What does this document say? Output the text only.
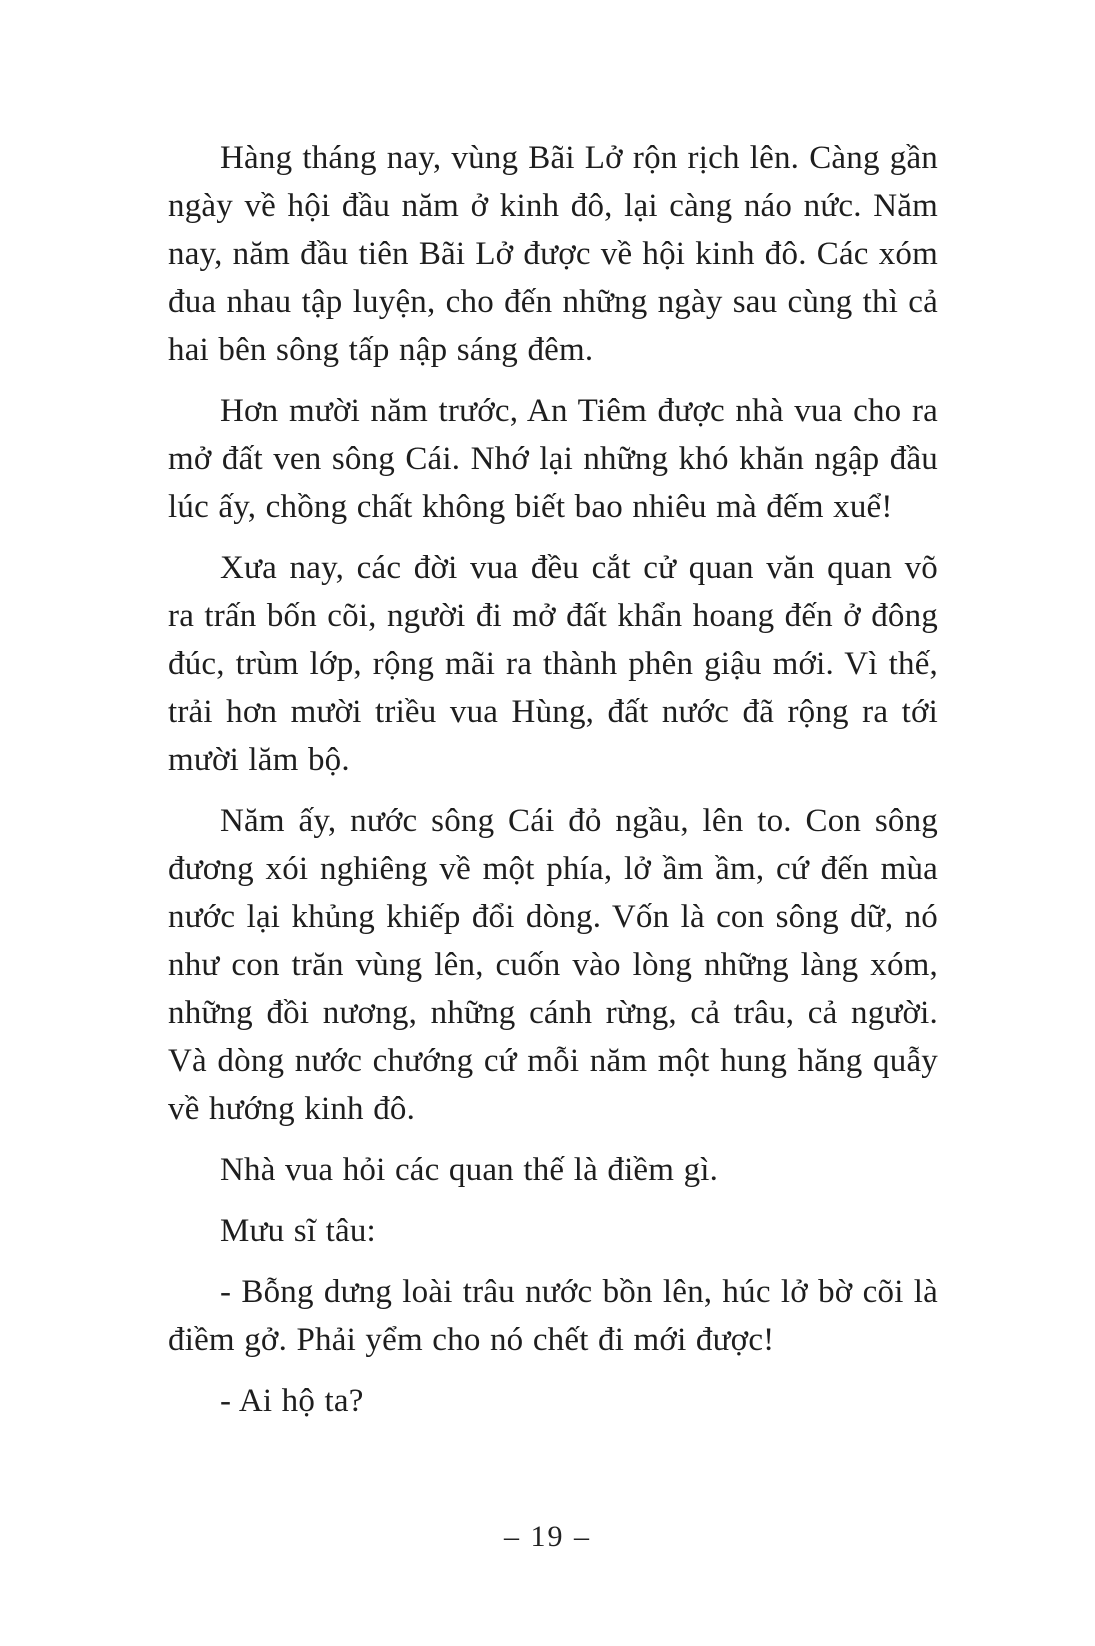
Hàng tháng nay, vùng Bãi Lở rộn rịch lên. Càng gần ngày về hội đầu năm ở kinh đô, lại càng náo nức. Năm nay, năm đầu tiên Bãi Lở được về hội kinh đô. Các xóm đua nhau tập luyện, cho đến những ngày sau cùng thì cả hai bên sông tấp nập sáng đêm.

Hơn mười năm trước, An Tiêm được nhà vua cho ra mở đất ven sông Cái. Nhớ lại những khó khăn ngập đầu lúc ấy, chồng chất không biết bao nhiêu mà đếm xuể!

Xưa nay, các đời vua đều cắt cử quan văn quan võ ra trấn bốn cõi, người đi mở đất khẩn hoang đến ở đông đúc, trùm lớp, rộng mãi ra thành phên giậu mới. Vì thế, trải hơn mười triều vua Hùng, đất nước đã rộng ra tới mười lăm bộ.

Năm ấy, nước sông Cái đỏ ngầu, lên to. Con sông đương xói nghiêng về một phía, lở ầm ầm, cứ đến mùa nước lại khủng khiếp đổi dòng. Vốn là con sông dữ, nó như con trăn vùng lên, cuốn vào lòng những làng xóm, những đồi nương, những cánh rừng, cả trâu, cả người. Và dòng nước chướng cứ mỗi năm một hung hăng quẫy về hướng kinh đô.

Nhà vua hỏi các quan thế là điềm gì.

Mưu sĩ tâu:

- Bỗng dưng loài trâu nước bồn lên, húc lở bờ cõi là điềm gở. Phải yểm cho nó chết đi mới được!

- Ai hộ ta?

– 19 –
